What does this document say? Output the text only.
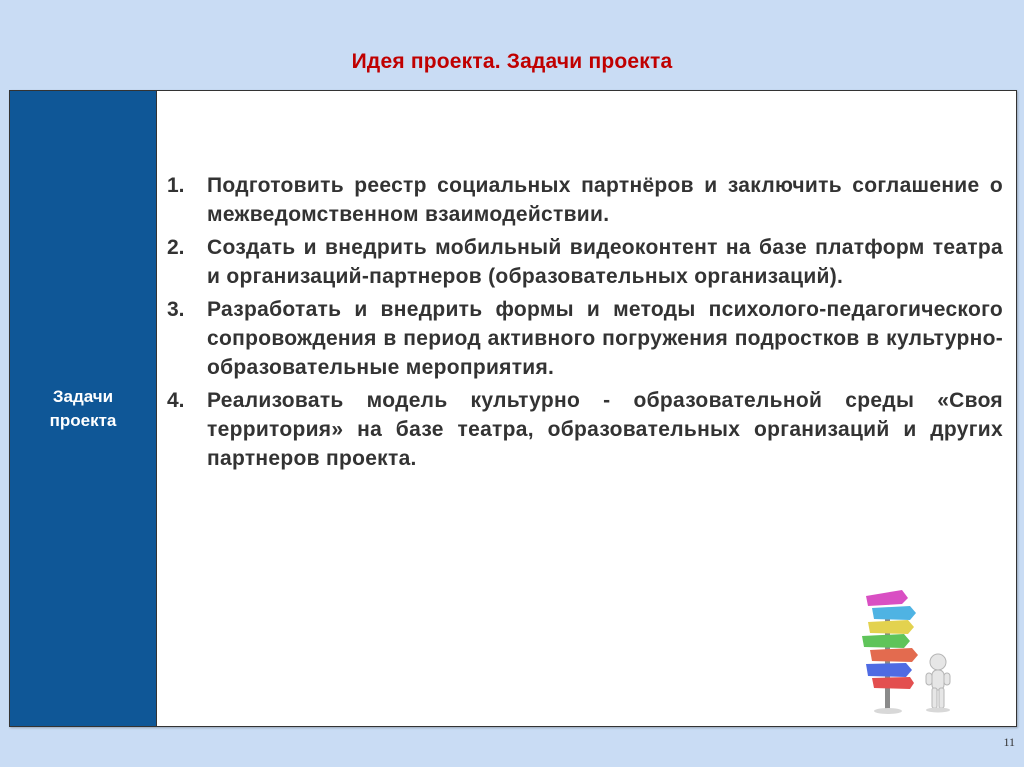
Идея проекта. Задачи проекта
Задачи проекта
1.	Подготовить реестр социальных партнёров и заключить соглашение о межведомственном взаимодействии.
2.	Создать и внедрить мобильный видеоконтент на базе платформ театра и организаций-партнеров (образовательных организаций).
3.	Разработать и внедрить формы и методы психолого-педагогического сопровождения в период активного погружения подростков в культурно-образовательные мероприятия.
4.	Реализовать модель культурно - образовательной среды «Своя территория» на базе театра, образовательных организаций и других партнеров проекта.
11
